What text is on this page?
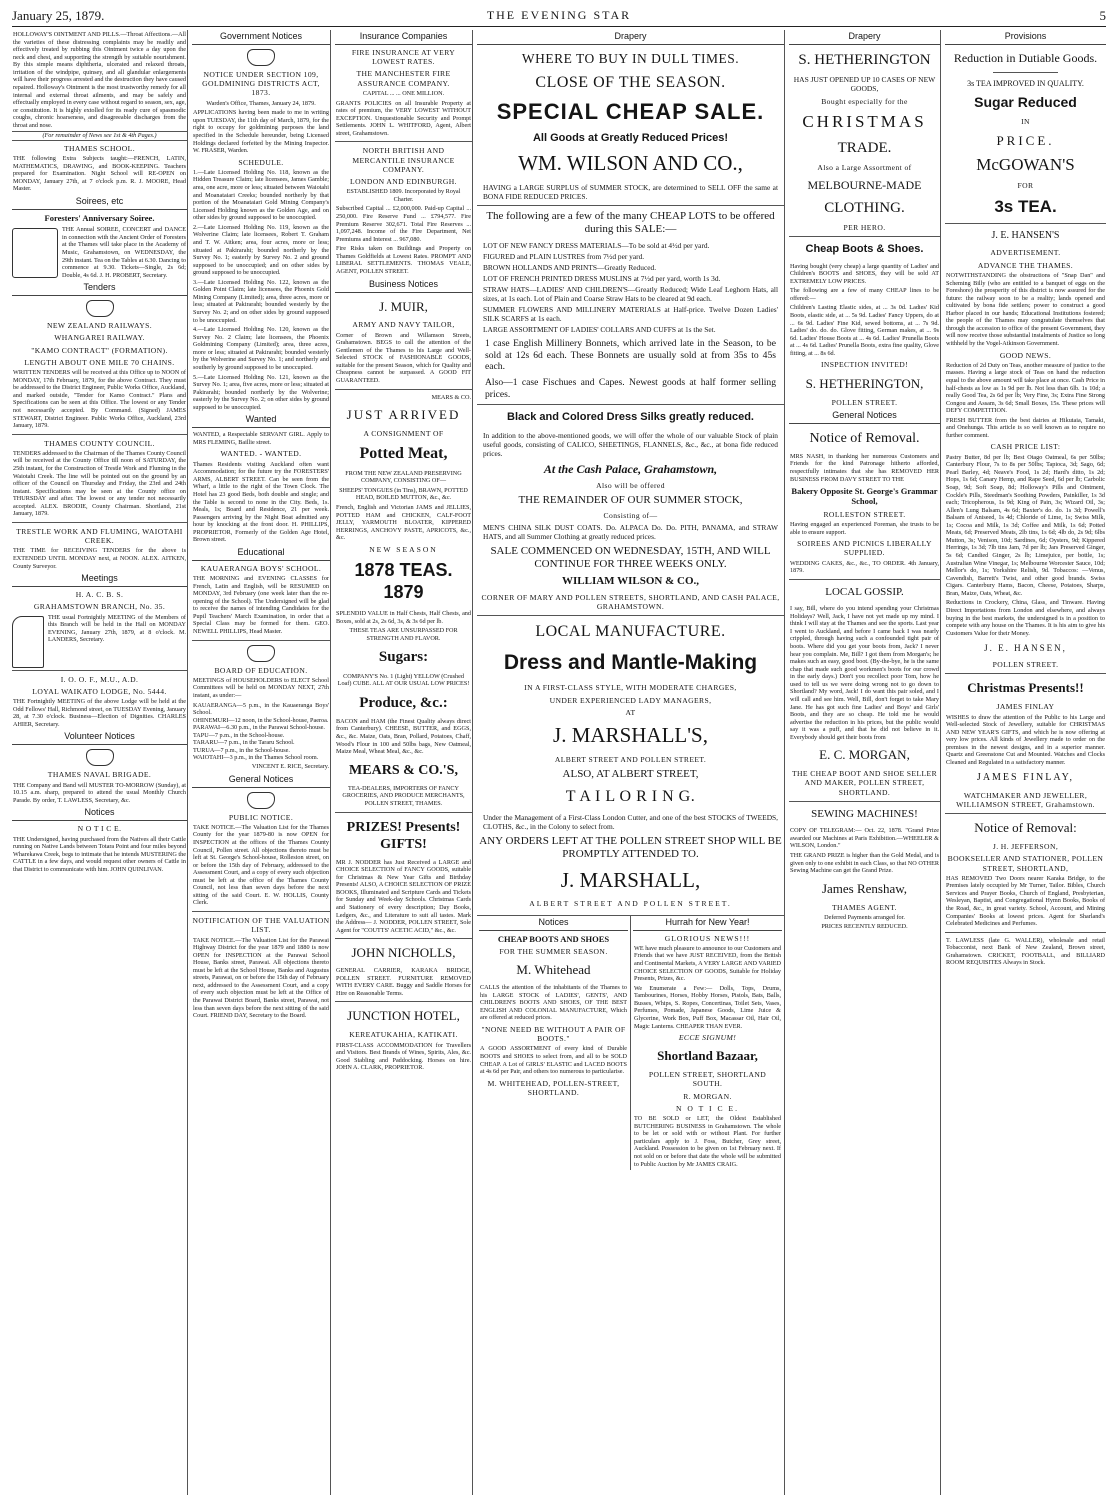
January 25, 1879.	THE EVENING STAR	5
HOLLOWAY'S OINTMENT AND PILLS.—Throat Affections.—All the varieties of these distressing complaints may be readily and effectively treated by rubbing this Ointment twice a day upon the neck and chest, and supporting the strength by suitable nourishment. By this simple means diphtheria, ulcerated and relaxed throats, irritation of the windpipe, quinsey, and all glandular enlargements will have their progress arrested and the destruction they have caused repaired. Holloway's Ointment is the most trustworthy remedy for all internal and external throat ailments, and may be safely and effectually employed in every case without regard to season, sex, age, or constitution. It is highly extolled for its ready cure of spasmodic coughs, chronic hoarseness, and disagreeable discharges from the throat and nose.
(For remainder of News see 1st & 4th Pages.)
THAMES SCHOOL.
THE following Extra Subjects taught:—FRENCH, LATIN, MATHEMATICS, DRAWING, and BOOK-KEEPING. Teachers prepared for Examination. Night School will RE-OPEN on MONDAY, January 27th, at 7 o'clock p.m. R. J. MOORE, Head Master.
Soirees, etc
Foresters' Anniversary Soiree.
THE Annual SOIREE, CONCERT and DANCE in connection with the Ancient Order of Foresters at the Thames will take place in the Academy of Music, Grahamstown, on WEDNESDAY, the 29th instant. Tea on the Tables at 6.30. Dancing to commence at 9.30. Tickets—Single, 2s 6d; Double, 4s 6d. J. H. PROBERT, Secretary.
Tenders
NEW ZEALAND RAILWAYS.
WHANGAREI RAILWAY.
"KAMO CONTRACT" (FORMATION).
LENGTH ABOUT ONE MILE 70 CHAINS.
WRITTEN TENDERS will be received at this Office up to NOON of MONDAY, 17th February, 1879, for the above Contract. They must be addressed to the District Engineer, Public Works Office, Auckland, and marked outside, "Tender for Kamo Contract." Plans and Specifications can be seen at this Office. The lowest or any Tender not necessarily accepted. By Command. (Signed) JAMES STEWART, District Engineer. Public Works Office, Auckland, 23rd January, 1879.
THAMES COUNTY COUNCIL.
TENDERS addressed to the Chairman of the Thames County Council will be received at the County Office till noon of SATURDAY, the 25th instant, for the Construction of Trestle Work and Fluming in the Waiotahi Creek. The line will be pointed out on the ground by an officer of the Council on Thursday and Friday, the 23rd and 24th instant. Specifications may be seen at the County office on THURSDAY and after. The lowest or any tender not necessarily accepted. ALEX. BRODIE, County Chairman. Shortland, 21st January, 1879.
TRESTLE WORK AND FLUMING, WAIOTAHI CREEK.
THE TIME for RECEIVING TENDERS for the above is EXTENDED UNTIL MONDAY next, at NOON. ALEX. AITKEN, County Surveyor.
Meetings
H. A. C. B. S.
GRAHAMSTOWN BRANCH, No. 35.
THE usual Fortnightly MEETING of the Members of this Branch will be held in the Hall on MONDAY EVENING, January 27th, 1879, at 8 o'clock. M. LANDERS, Secretary.
I. O. O. F., M.U., A.D.
LOYAL WAIKATO LODGE, No. 5444.
THE Fortnightly MEETING of the above Lodge will be held at the Odd Fellows' Hall, Richmond street, on TUESDAY Evening, January 28, at 7.30 o'clock. Business—Election of Dignities. CHARLES AHIER, Secretary.
Volunteer Notices
THAMES NAVAL BRIGADE.
THE Company and Band will MUSTER TO-MORROW (Sunday), at 10.15 a.m. sharp, prepared to attend the usual Monthly Church Parade. By order, T. LAWLESS, Secretary, &c.
Notices
N O T I C E.
THE Undersigned, having purchased from the Natives all their Cattle running on Native Lands between Totara Point and four miles beyond Wharekawa Creek, begs to intimate that he intends MUSTERING the CATTLE in a few days, and would request other owners of Cattle in that District to communicate with him. JOHN QUINLIVAN.
Government Notices
NOTICE UNDER SECTION 109, GOLDMINING DISTRICTS ACT, 1873.
Warden's Office, Thames, January 24, 1879.
APPLICATIONS having been made to me in writing upon TUESDAY, the 11th day of March, 1879, for the right to occupy for goldmining purposes the land specified in the Schedule hereunder, being Licensed Holdings declared forfeited by the Mining Inspector. W. FRASER, Warden.
SCHEDULE.
1.—Late Licensed Holding No. 118, known as the Hidden Treasure Claim; late licensees, James Gamble; area, one acre, more or less; situated between Waiotahi and Moanataiari Creeks; bounded northerly by that portion of the Moanataiari Gold Mining Company's Licensed Holding known as the Golden Age, and on other sides by ground supposed to be unoccupied.
2.—Late Licensed Holding No. 119, known as the Wolverine Claim; late licensees, Robert T. Graham and T. W. Aitken; area, four acres, more or less; situated at Pakirarahi; bounded northerly by the Survey No. 1; easterly by Survey No. 2 and ground supposed to be unoccupied; and on other sides by ground supposed to be unoccupied.
3.—Late Licensed Holding No. 122, known as the Golden Point Claim; late licensees, the Phoenix Gold Mining Company (Limited); area, three acres, more or less; situated at Pakirarahi; bounded westerly by the Survey No. 2; and on other sides by ground supposed to be unoccupied.
4.—Late Licensed Holding No. 120, known as the Survey No. 2 Claim; late licensees, the Phoenix Goldmining Company (Limited); area, three acres, more or less; situated at Pakirarahi; bounded westerly by the Wolverine and Survey No. 1; and northerly and southerly by ground supposed to be unoccupied.
5.—Late Licensed Holding No. 121, known as the Survey No. 1; area, five acres, more or less; situated at Pakirarahi; bounded northerly by the Wolverine; easterly by the Survey No. 2; on other sides by ground supposed to be unoccupied.
Wanted
WANTED, a Respectable SERVANT GIRL. Apply to MRS FLEMING, Baillie street.
WANTED. - WANTED.
Thames Residents visiting Auckland often want Accommodation; for the future try the FORESTERS' ARMS, ALBERT STREET. Can be seen from the Wharf, a little to the right of the Town Clock. The Hotel has 23 good Beds, both double and single; and the Table is second to none in the City. Beds, 1s. Meals, 1s; Board and Residence, 21 per week. Passengers arriving by the Night Boat admitted any hour by knocking at the front door. H. PHILLIPS, PROPRIETOR, Formerly of the Golden Age Hotel, Brown street.
Educational
KAUAERANGA BOYS' SCHOOL.
THE MORNING and EVENING CLASSES for French, Latin and English, will be RESUMED on MONDAY, 3rd February (one week later than the re-opening of the School). The Undersigned will be glad to receive the names of intending Candidates for the Pupil Teachers' March Examination, in order that a Special Class may be formed for them. GEO. NEWELL PHILLIPS, Head Master.
BOARD OF EDUCATION.
MEETINGS of HOUSEHOLDERS to ELECT School Committees will be held on MONDAY NEXT, 27th instant, as under:—
KAUAERANGA—5 p.m., in the Kauaeranga Boys' School.
OHINEMURI—12 noon, in the School-house, Paeroa.
PARAWAI—6.30 p.m., in the Parawai School-house.
TAPU—7 p.m., in the School-house.
TARARU—7 p.m., in the Tararu School.
TURUA—7 p.m., in the School-house.
WAIOTAHI—3 p.m., in the Thames School room.
VINCENT E. RICE, Secretary.
General Notices
PUBLIC NOTICE.
TAKE NOTICE.—The Valuation List for the Thames County for the year 1879-80 is now OPEN for INSPECTION at the offices of the Thames County Council, Pollen street. All objections thereto must be left at St. George's School-house, Rollesion street, on or before the 15th day of February, addressed to the Assessment Court, and a copy of every such objection must be left at the office of the Thames County Council, not less than seven days before the next sitting of the said Court. E. W. HOLLIS, County Clerk.
NOTIFICATION OF THE VALUATION LIST.
TAKE NOTICE.—The Valuation List for the Parawai Highway District for the year 1879 and 1880 is now OPEN for INSPECTION at the Parawai School House, Banks street, Parawai. All objections thereto must be left at the School House, Banks and Augustus streets, Parawai, on or before the 15th day of February next, addressed to the Assessment Court, and a copy of every such objection must be left at the Office of the Parawai District Board, Banks street, Parawai, not less than seven days before the next sitting of the said Court. FRIEND DAY, Secretary to the Board.
Insurance Companies
FIRE INSURANCE AT VERY LOWEST RATES.
THE MANCHESTER FIRE ASSURANCE COMPANY.
CAPITAL ... ... ONE MILLION.
GRANTS POLICIES on all Insurable Property at rates of premium, the VERY LOWEST WITHOUT EXCEPTION. Unquestionable Security and Prompt Settlements. JOHN L. WHITFORD, Agent, Albert street, Grahamstown.
NORTH BRITISH AND MERCANTILE INSURANCE COMPANY.
LONDON AND EDINBURGH.
ESTABLISHED 1809. Incorporated by Royal Charter.
Subscribed Capital ... £2,000,000. Paid-up Capital ... 250,000. Fire Reserve Fund ... £794,577. Fire Premium Reserve 302,671. Total Fire Reserves ... 1,097,248. Income of the Fire Department, Net Premiums and Interest ... 967,080.
Fire Risks taken on Buildings and Property on Thames Goldfields at Lowest Rates. PROMPT AND LIBERAL SETTLEMENTS. THOMAS VEALE, AGENT, POLLEN STREET.
Business Notices
J. MUIR,
ARMY AND NAVY TAILOR,
Corner of Brown and Willamson Streets, Grahamstown. BEGS to call the attention of the Gentlemen of the Thames to his Large and Well-Selected STOCK of FASHIONABLE GOODS, suitable for the present Season, which for Quality and Cheapness cannot be surpassed. A GOOD FIT GUARANTEED.
MEARS & CO.
JUST ARRIVED
A CONSIGNMENT OF
Potted Meat,
FROM THE NEW ZEALAND PRESERVING COMPANY, CONSISTING OF—
SHEEPS' TONGUES (in Tins), BRAWN, POTTED HEAD, BOILED MUTTON, &c., &c.
French, English and Victorian JAMS and JELLIES, POTTED HAM and CHICKEN, CALF-FOOT JELLY, YARMOUTH BLOATER, KIPPERED HERRINGS, ANCHOVY PASTE, APRICOTS, &c., &c.
NEW SEASON
1878 TEAS. 1879
SPLENDID VALUE in Half Chests, Half Chests, and Boxes, sold at 2s, 2s 6d, 3s, & 3s 6d per lb.
THESE TEAS ARE UNSURPASSED FOR STRENGTH AND FLAVOR.
Sugars:
COMPANY'S No. 1 (Light) YELLOW (Crushed Loaf) CUBE. ALL AT OUR USUAL LOW PRICES!
Produce, &c.:
BACON and HAM (the Finest Quality always direct from Canterbury). CHEESE, BUTTER, and EGGS, &c., &c. Maize, Oats, Bran, Pollard, Potatoes, Chaff, Wood's Flour in 100 and 50lbs bags, New Oatmeal, Maize Meal, Wheat Meal, &c., &c.
MEARS & CO.'S,
TEA-DEALERS, IMPORTERS OF FANCY GROCERIES, AND PRODUCE MERCHANTS, POLLEN STREET, THAMES.
PRIZES! Presents! GIFTS!
MR J. NODDER has Just Received a LARGE and CHOICE SELECTION of FANCY GOODS, suitable for Christmas & New Year Gifts and Birthday Presents! ALSO, A CHOICE SELECTION OF PRIZE BOOKS, Illuminated and Scripture Cards and Tickets for Sunday and Week-day Schools. Christmas Cards and Stationery of every description; Day Books, Ledgers, &c., and Literature to suit all tastes. Mark the Address— J. NODDER, POLLEN STREET, Sole Agent for "COUTTS' ACETIC ACID," &c., &c.
JOHN NICHOLLS,
GENERAL CARRIER, KARAKA BRIDGE, POLLEN STREET. FURNITURE REMOVED WITH EVERY CARE. Buggy and Saddle Horses for Hire on Reasonable Terms.
JUNCTION HOTEL,
KEREATUKAHIA, KATIKATI.
FIRST-CLASS ACCOMMODATION for Travellers and Visitors. Best Brands of Wines, Spirits, Ales, &c. Good Stabling and Paddocking. Horses on hire. JOHN A. CLARK, PROPRIETOR.
Drapery
WHERE TO BUY IN DULL TIMES.
CLOSE OF THE SEASON.
SPECIAL CHEAP SALE.
All Goods at Greatly Reduced Prices!
WM. WILSON AND CO.,
HAVING a LARGE SURPLUS of SUMMER STOCK, are determined to SELL OFF the same at BONA FIDE REDUCED PRICES.
The following are a few of the many CHEAP LOTS to be offered during this SALE:—
LOT OF NEW FANCY DRESS MATERIALS—To be sold at 4½d per yard.
FIGURED and PLAIN LUSTRES from 7½d per yard.
BROWN HOLLANDS AND PRINTS—Greatly Reduced.
LOT OF FRENCH PRINTED DRESS MUSLINS at 7½d per yard, worth 1s 3d.
STRAW HATS—LADIES' AND CHILDREN'S—Greatly Reduced; Wide Leaf Leghorn Hats, all sizes, at 1s each. Lot of Plain and Coarse Straw Hats to be cleared at 9d each.
SUMMER FLOWERS AND MILLINERY MATERIALS at Half-price. Twelve Dozen Ladies' SILK SCARFS at 1s each.
LARGE ASSORTMENT OF LADIES' COLLARS AND CUFFS at 1s the Set.
1 case English Millinery Bonnets, which arrived late in the Season, to be sold at 12s 6d each. These Bonnets are usually sold at from 35s to 45s each.
Also—1 case Fischues and Capes. Newest goods at half former selling prices.
Black and Colored Dress Silks greatly reduced.
In addition to the above-mentioned goods, we will offer the whole of our valuable Stock of plain useful goods, consisting of CALICO, SHEETINGS, FLANNELS, &c., &c., at bona fide reduced prices.
At the Cash Palace, Grahamstown,
Also will be offered
THE REMAINDER OF OUR SUMMER STOCK,
Consisting of—
MEN'S CHINA SILK DUST COATS. Do. ALPACA Do. Do. PITH, PANAMA, and STRAW HATS, and all Summer Clothing at greatly reduced prices.
SALE COMMENCED ON WEDNESDAY, 15TH, AND WILL CONTINUE FOR THREE WEEKS ONLY.
WILLIAM WILSON & CO.,
CORNER OF MARY AND POLLEN STREETS, SHORTLAND, AND CASH PALACE, GRAHAMSTOWN.
LOCAL MANUFACTURE.
Dress and Mantle-Making
IN A FIRST-CLASS STYLE, WITH MODERATE CHARGES,
UNDER EXPERIENCED LADY MANAGERS,
AT
J. MARSHALL'S,
ALBERT STREET AND POLLEN STREET.
ALSO, AT ALBERT STREET,
T A I L O R I N G.
Under the Management of a First-Class London Cutter, and one of the best STOCKS of TWEEDS, CLOTHS, &c., in the Colony to select from.
ANY ORDERS LEFT AT THE POLLEN STREET SHOP WILL BE PROMPTLY ATTENDED TO.
J. MARSHALL,
ALBERT STREET AND POLLEN STREET.
Notices
CHEAP BOOTS AND SHOES
FOR THE SUMMER SEASON.
M. Whitehead
CALLS the attention of the inhabitants of the Thames to his LARGE STOCK of LADIES', GENTS', AND CHILDREN'S BOOTS AND SHOES, OF THE BEST ENGLISH AND COLONIAL MANUFACTURE, Which are offered at reduced prices.
"NONE NEED BE WITHOUT A PAIR OF BOOTS."
A GOOD ASSORTMENT of every kind of Durable BOOTS and SHOES to select from, and all to be SOLD CHEAP. A Lot of GIRLS' ELASTIC and LACED BOOTS at 4s 6d per Pair, and others too numerous to particularise.
M. WHITEHEAD, POLLEN-STREET, SHORTLAND.
Hurrah for New Year!
GLORIOUS NEWS!!!
WE have much pleasure to announce to our Customers and Friends that we have JUST RECEIVED, from the British and Continental Markets, A VERY LARGE AND VARIED CHOICE SELECTION OF GOODS, Suitable for Holiday Presents, Prizes, &c.
We Enumerate a Few:— Dolls, Tops, Drums, Tambourines, Horses, Hobby Horses, Pistols, Bats, Balls, Busses, Whips, S. Ropes, Concertinas, Toilet Sets, Vases, Perfumes, Pomade, Japanese Goods, Lime Juice & Glycerine, Work Box, Puff Box, Macassar Oil, Hair Oil, Magic Lanterns. CHEAPER THAN EVER.
ECCE SIGNUM!
Shortland Bazaar,
POLLEN STREET, SHORTLAND SOUTH.
R. MORGAN.
N O T I C E.
TO BE SOLD or LET, the Oldest Established BUTCHERING BUSINESS in Grahamstown. The whole to be let or sold with or without Plant. For further particulars apply to J. Foss, Butcher, Grey street, Auckland. Possession to be given on 1st February next. If not sold on or before that date the whole will be submitted to Public Auction by Mr JAMES CRAIG.
Drapery
S. HETHERINGTON
HAS JUST OPENED UP 10 CASES OF NEW GOODS,
Bought especially for the
CHRISTMAS
TRADE.
Also a Large Assortment of
MELBOURNE-MADE
CLOTHING.
PER HERO.
Cheap Boots & Shoes.
Having bought (very cheap) a large quantity of Ladies' and Children's BOOTS and SHOES, they will be sold AT EXTREMELY LOW PRICES.
The following are a few of many CHEAP lines to be offered:—
Children's Lasting Elastic sides, at ... 3s 0d. Ladies' Kid Boots, elastic side, at ... 5s 9d. Ladies' Fancy Uppers, do at ... 6s 9d. Ladies' Fine Kid, sewed bottoms, at ... 7s 9d. Ladies' do. do. do. Glove fitting, German makes, at ... 9s 6d. Ladies' House Boots at ... 4s 6d. Ladies' Prunella Boots at ... 4s 6d. Ladies' Prunella Boots, extra fine quality, Glove fitting, at ... 8s 6d.
INSPECTION INVITED!
S. HETHERINGTON,
POLLEN STREET.
General Notices
Notice of Removal.
MRS NASH, in thanking her numerous Customers and Friends for the kind Patronage hitherto afforded, respectfully intimates that she has REMOVED HER BUSINESS FROM DAVY STREET TO THE
Bakery Opposite St. George's Grammar School,
ROLLESTON STREET.
Having engaged an experienced Foreman, she trusts to be able to ensure support.
SOIREES AND PICNICS LIBERALLY SUPPLIED.
WEDDING CAKES, &c., &c., TO ORDER. 4th January, 1879.
LOCAL GOSSIP.
I say, Bill, where do you intend spending your Christmas Holidays? Well, Jack, I have not yet made up my mind. I think I will stay at the Thames and see the sports. Last year I went to Auckland, and before I came back I was nearly crippled, through having such a confounded tight pair of boots. Where did you get your boots from, Jack? I never hear you complain. Me, Bill? I got them from Morgan's; he makes such an easy, good boot. (By-the-bye, he is the same chap that made such good workmen's boots for our crowd in the early days.) Don't you recollect poor Tom, how he used to tell us we were doing wrong not to go down to Shortland? My word, Jack! I do want this pair soled, and I will call and see him. Well, Bill, don't forget to take Mary Jane. He has got such fine Ladies' and Boys' and Girls' Boots, and they are so cheap. He told me he would advertise the reduction in his prices, but the public would say it was a puff, and that he did not believe in it. Everybody should get their boots from
E. C. MORGAN,
THE CHEAP BOOT AND SHOE SELLER AND MAKER, POLLEN STREET, SHORTLAND.
SEWING MACHINES!
COPY OF TELEGRAM:— Oct. 22, 1878. "Grand Prize awarded our Machines at Paris Exhibition.—WHEELER & WILSON, London."
THE GRAND PRIZE is higher than the Gold Medal, and is given only to one exhibit in each Class, so that NO OTHER Sewing Machine can get the Grand Prize.
James Renshaw,
THAMES AGENT.
Deferred Payments arranged for.
PRICES RECENTLY REDUCED.
Provisions
Reduction in Dutiable Goods.
3s TEA IMPROVED IN QUALITY.
Sugar Reduced
IN
PRICE.
McGOWAN'S
FOR
3s TEA.
J. E. HANSEN'S
ADVERTISEMENT.
ADVANCE THE THAMES.
NOTWITHSTANDING the obstructions of "Snap Dan" and Scheming Billy (who are entitled to a banquet of eggs on the Foreshore) the prosperity of this district is now assured for the future: the railway soon to be a reality; lands opened and cultivated by bona fide settlers; power to construct a good Harbor placed in our hands; Educational Institutions fostered; the people of the Thames may congratulate themselves that through the accession to office of the present Government, they will now receive those substantial instalments of Justice so long withheld by the Vogel-Atkinson Government.
GOOD NEWS.
Reduction of 2d Duty on Teas, another measure of justice to the masses. Having a large stock of Teas on hand the reduction equal to the above amount will take place at once. Cash Price in half-chests as low as 1s 9d per lb. Not less than 6lb. 1s 10d; a really Good Tea, 2s 6d per lb; Very Fine, 3s; Extra Fine Strong Congou and Assam, 3s 6d; Small Boxes, 15s. These prices will DEFY COMPETITION.
FRESH BUTTER from the best dairies at Hikutaia, Tamaki, and Onehunga. This article is so well known as to require no further comment.
CASH PRICE LIST:
Pastry Butter, 8d per lb; Best Otago Oatmeal, 6s per 50lbs; Canterbury Flour, 7s to 8s per 50lbs; Tapioca, 3d; Sago, 6d; Pearl Barley, 4d; Neave's Food, 1s 2d; Hard's ditto, 1s 2d; Hops, 1s 6d; Canary Hemp, and Rape Seed, 6d per lb; Carbolic Soap, 9d; Soft Soap, 8d; Holloway's Pills and Ointment, Cockle's Pills, Steedman's Soothing Powders, Painkiller, 1s 3d each; Tricopherous, 1s 9d; King of Pain, 3s; Wizard Oil, 3s; Allen's Lung Balsam, 4s 6d; Baxter's do. do. 1s 3d; Powell's Balsam of Aniseed, 1s 4d; Chloride of Lime, 1s; Swiss Milk, 1s; Cocoa and Milk, 1s 3d; Coffee and Milk, 1s 6d; Potted Meats, 6d; Preserved Meats, 2lb tins, 1s 6d; 4lb do, 2s 9d; 6lbs Mutton, 3s; Venison, 10d; Sardines, 6d; Oysters, 9d; Kippered Herrings, 1s 3d; 7lb tins Jam, 7d per lb; Jars Preserved Ginger, 5s 6d; Candied Ginger, 2s lb; Limejuice, per bottle, 1s; Australian Wine Vinegar, 1s; Melbourne Worcester Sauce, 10d; Mellor's do, 1s; Yorkshire Relish, 9d. Tobaccos: —Venus, Cavendish, Barrett's Twist, and other good brands. Swiss Cigars. Canterbury Hams, Bacon, Cheese, Potatoes, Sharps, Bran, Maize, Oats, Wheat, &c.
Reductions in Crockery, China, Glass, and Tinware. Having Direct Importations from London and elsewhere, and always buying in the best markets, the undersigned is in a position to compete with any house on the Thames. It is his aim to give his Customers Value for their Money.
J. E. HANSEN,
POLLEN STREET.
Christmas Presents!!
JAMES FINLAY
WISHES to draw the attention of the Public to his Large and Well-selected Stock of Jewellery, suitable for CHRISTMAS AND NEW YEAR'S GIFTS, and which he is now offering at very low prices. All kinds of Jewellery made to order on the premises in the newest designs, and in a superior manner. Quartz and Greenstone Cut and Mounted. Watches and Clocks Cleaned and Regulated in a satisfactory manner.
JAMES FINLAY,
WATCHMAKER AND JEWELLER, WILLIAMSON STREET, Grahamstown.
Notice of Removal:
J. H. JEFFERSON,
BOOKSELLER AND STATIONER, POLLEN STREET, SHORTLAND,
HAS REMOVED Two Doors nearer Karaka Bridge, to the Premises lately occupied by Mr Turner, Tailor. Bibles, Church Services and Prayer Books, Church of England, Presbyterian, Wesleyan, Baptist, and Congregational Hymn Books, Books of the Road, &c., in great variety. School, Account, and Mining Companies' Books at lowest prices. Agent for Sharland's Celebrated Medicines and Perfumes.
T. LAWLESS (late G. WALLER), wholesale and retail Tobacconist, next Bank of New Zealand, Brown street, Grahamstown. CRICKET, FOOTBALL, and BILLIARD ROOM REQUISITES Always in Stock.
